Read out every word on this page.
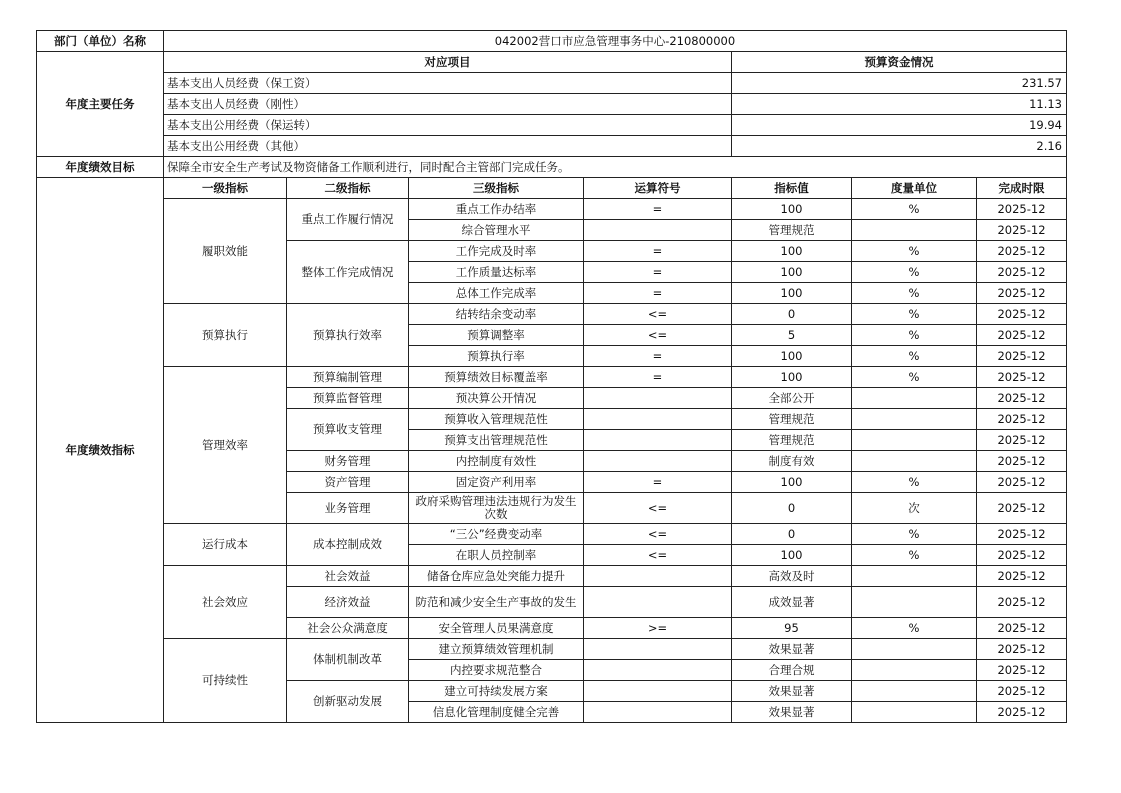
部门（单位）名称	042002营口市应急管理事务中心-210800000						
年度主要任务	对应项目				预算资金情况		
	基本支出人员经费（保工资）				231.57		
	基本支出人员经费（刚性）				11.13		
	基本支出公用经费（保运转）				19.94		
	基本支出公用经费（其他）				2.16		
年度绩效目标	保障全市安全生产考试及物资储备工作顺利进行，同时配合主管部门完成任务。						
年度绩效指标	一级指标	二级指标	三级指标	运算符号	指标值	度量单位	完成时限
	履职效能	重点工作履行情况	重点工作办结率	=	100	%	2025-12
			综合管理水平		管理规范		2025-12
		整体工作完成情况	工作完成及时率	=	100	%	2025-12
			工作质量达标率	=	100	%	2025-12
			总体工作完成率	=	100	%	2025-12
	预算执行	预算执行效率	结转结余变动率	<=	0	%	2025-12
			预算调整率	<=	5	%	2025-12
			预算执行率	=	100	%	2025-12
	管理效率	预算编制管理	预算绩效目标覆盖率	=	100	%	2025-12
		预算监督管理	预决算公开情况		全部公开		2025-12
		预算收支管理	预算收入管理规范性		管理规范		2025-12
			预算支出管理规范性		管理规范		2025-12
		财务管理	内控制度有效性		制度有效		2025-12
		资产管理	固定资产利用率	=	100	%	2025-12
		业务管理	政府采购管理违法违规行为发生次数	<=	0	次	2025-12
	运行成本	成本控制成效	“三公”经费变动率	<=	0	%	2025-12
			在职人员控制率	<=	100	%	2025-12
	社会效应	社会效益	储备仓库应急处突能力提升		高效及时		2025-12
		经济效益	防范和减少安全生产事故的发生		成效显著		2025-12
		社会公众满意度	安全管理人员果满意度	>=	95	%	2025-12
	可持续性	体制机制改革	建立预算绩效管理机制		效果显著		2025-12
			内控要求规范整合		合理合规		2025-12
		创新驱动发展	建立可持续发展方案		效果显著		2025-12
			信息化管理制度健全完善		效果显著		2025-12
